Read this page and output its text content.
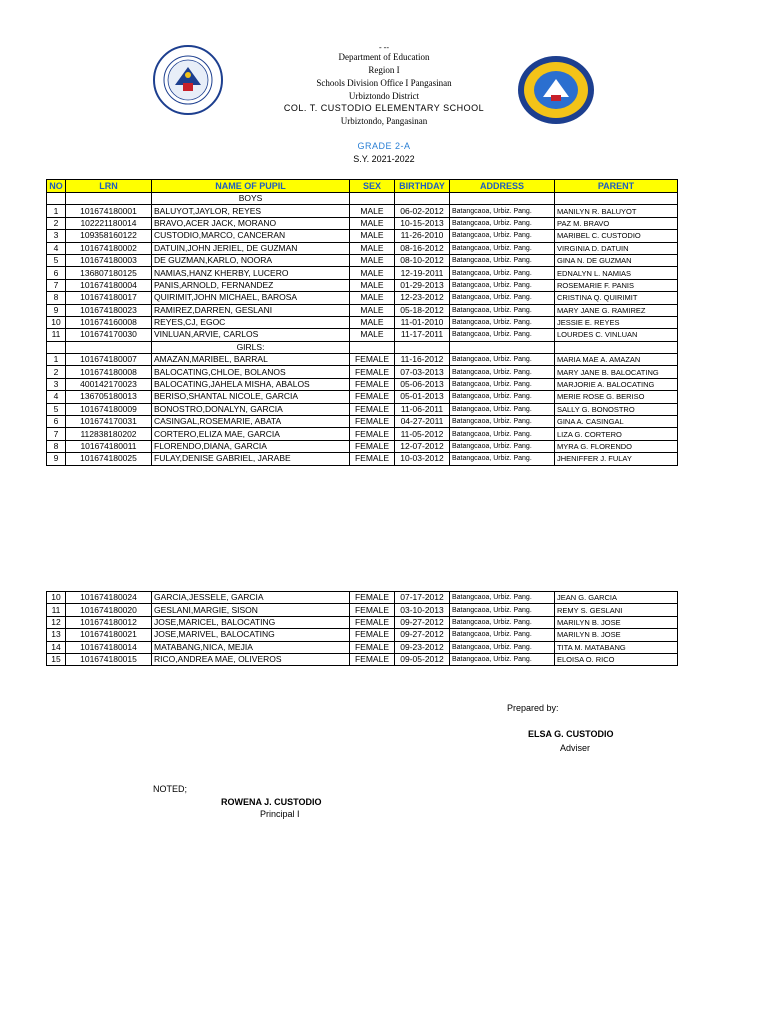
- --
Department of Education
Region I
Schools Division Office I Pangasinan
Urbiztondo District
COL. T. CUSTODIO ELEMENTARY SCHOOL
Urbiztondo, Pangasinan
GRADE 2-A
S.Y. 2021-2022
NO	LRN	NAME OF PUPIL	SEX	BIRTHDAY	ADDRESS	PARENT
		BOYS				
1	101674180001	BALUYOT,JAYLOR, REYES	MALE	06-02-2012	Batangcaoa, Urbiz. Pang.	MANILYN R. BALUYOT
2	102221180014	BRAVO,ACER JACK, MORANO	MALE	10-15-2013	Batangcaoa, Urbiz. Pang.	PAZ M. BRAVO
3	109358160122	CUSTODIO,MARCO, CANCERAN	MALE	11-26-2010	Batangcaoa, Urbiz. Pang.	MARIBEL C. CUSTODIO
4	101674180002	DATUIN,JOHN JERIEL, DE GUZMAN	MALE	08-16-2012	Batangcaoa, Urbiz. Pang.	VIRGINIA D. DATUIN
5	101674180003	DE GUZMAN,KARLO, NOORA	MALE	08-10-2012	Batangcaoa, Urbiz. Pang.	GINA N. DE GUZMAN
6	136807180125	NAMIAS,HANZ KHERBY, LUCERO	MALE	12-19-2011	Batangcaoa, Urbiz. Pang.	EDNALYN L. NAMIAS
7	101674180004	PANIS,ARNOLD, FERNANDEZ	MALE	01-29-2013	Batangcaoa, Urbiz. Pang.	ROSEMARIE F. PANIS
8	101674180017	QUIRIMIT,JOHN MICHAEL, BAROSA	MALE	12-23-2012	Batangcaoa, Urbiz. Pang.	CRISTINA Q. QUIRIMIT
9	101674180023	RAMIREZ,DARREN, GESLANI	MALE	05-18-2012	Batangcaoa, Urbiz. Pang.	MARY JANE G. RAMIREZ
10	101674160008	REYES,CJ, EGOC	MALE	11-01-2010	Batangcaoa, Urbiz. Pang.	JESSIE E. REYES
11	101674170030	VINLUAN,ARVIE, CARLOS	MALE	11-17-2011	Batangcaoa, Urbiz. Pang.	LOURDES C. VINLUAN
		GIRLS:				
1	101674180007	AMAZAN,MARIBEL, BARRAL	FEMALE	11-16-2012	Batangcaoa, Urbiz. Pang.	MARIA MAE A. AMAZAN
2	101674180008	BALOCATING,CHLOE, BOLANOS	FEMALE	07-03-2013	Batangcaoa, Urbiz. Pang.	MARY JANE B. BALOCATING
3	400142170023	BALOCATING,JAHELA MISHA, ABALOS	FEMALE	05-06-2013	Batangcaoa, Urbiz. Pang.	MARJORIE A. BALOCATING
4	136705180013	BERISO,SHANTAL NICOLE, GARCIA	FEMALE	05-01-2013	Batangcaoa, Urbiz. Pang.	MERIE ROSE G. BERISO
5	101674180009	BONOSTRO,DONALYN, GARCIA	FEMALE	11-06-2011	Batangcaoa, Urbiz. Pang.	SALLY G. BONOSTRO
6	101674170031	CASINGAL,ROSEMARIE, ABATA	FEMALE	04-27-2011	Batangcaoa, Urbiz. Pang.	GINA A. CASINGAL
7	112838180202	CORTERO,ELIZA MAE, GARCIA	FEMALE	11-05-2012	Batangcaoa, Urbiz. Pang.	LIZA G. CORTERO
8	101674180011	FLORENDO,DIANA, GARCIA	FEMALE	12-07-2012	Batangcaoa, Urbiz. Pang.	MYRA G. FLORENDO
9	101674180025	FULAY,DENISE GABRIEL, JARABE	FEMALE	10-03-2012	Batangcaoa, Urbiz. Pang.	JHENIFFER J. FULAY
10	101674180024	GARCIA,JESSELE, GARCIA	FEMALE	07-17-2012	Batangcaoa, Urbiz. Pang.	JEAN G. GARCIA
11	101674180020	GESLANI,MARGIE, SISON	FEMALE	03-10-2013	Batangcaoa, Urbiz. Pang.	REMY S. GESLANI
12	101674180012	JOSE,MARICEL, BALOCATING	FEMALE	09-27-2012	Batangcaoa, Urbiz. Pang.	MARILYN B. JOSE
13	101674180021	JOSE,MARIVEL, BALOCATING	FEMALE	09-27-2012	Batangcaoa, Urbiz. Pang.	MARILYN B. JOSE
14	101674180014	MATABANG,NICA, MEJIA	FEMALE	09-23-2012	Batangcaoa, Urbiz. Pang.	TITA M. MATABANG
15	101674180015	RICO,ANDREA MAE, OLIVEROS	FEMALE	09-05-2012	Batangcaoa, Urbiz. Pang.	ELOISA O. RICO
Prepared by:
ELSA G. CUSTODIO
Adviser
NOTED;
ROWENA J. CUSTODIO
Principal I
